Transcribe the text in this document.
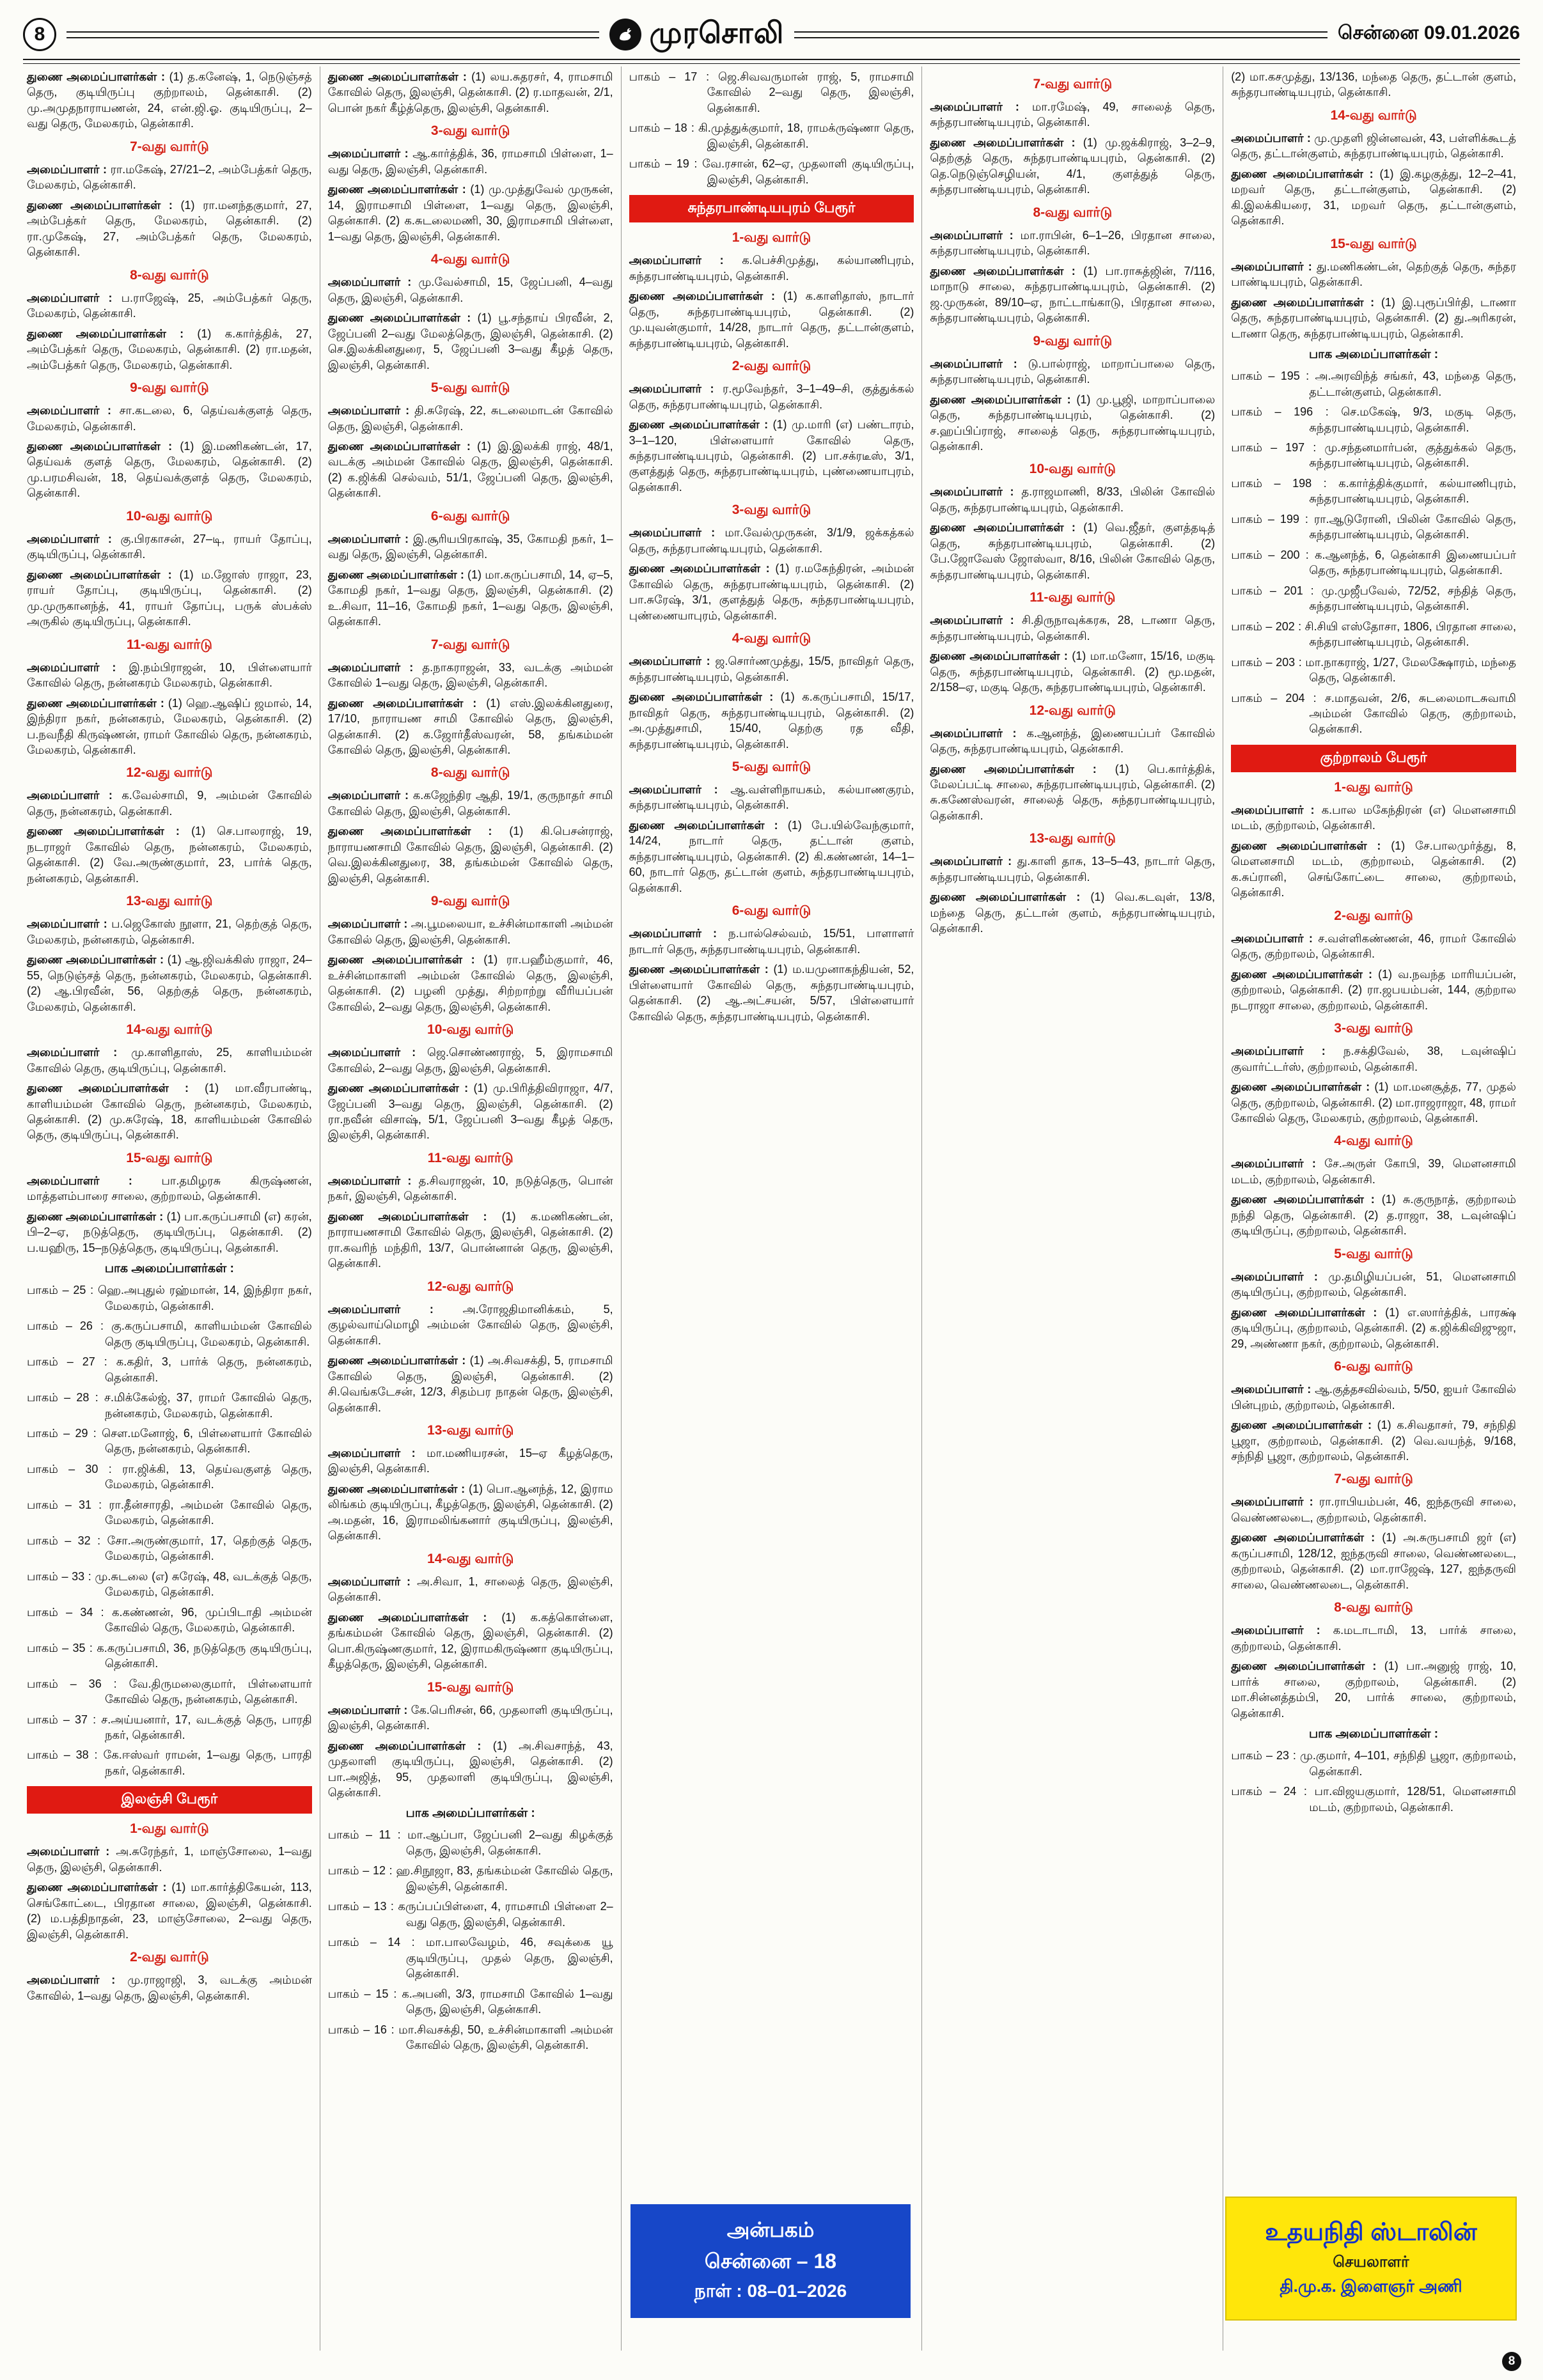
8	முரசொலி	சென்னை 09.01.2026

துணை அமைப்பாளர்கள் : (1) த.கனேஷ், 1, நெடுஞ்சத் தெரு, குடியிருப்பு குற்றாலம், தென்காசி. (2) மு.அமுதநாராயணன், 24, என்.ஜி.ஓ. குடியிருப்பு, 2–வது தெரு, மேலகரம், தென்காசி.

7-வது வார்டு

அமைப்பாளர் : ரா.மகேஷ், 27/21–2, அம்பேத்கர் தெரு, மேலகரம், தென்காசி.

துணை அமைப்பாளர்கள் : (1) ரா.மனந்தகுமார், 27, அம்பேத்கர் தெரு, மேலகரம், தென்காசி. (2) ரா.முகேஷ், 27, அம்பேத்கர் தெரு, மேலகரம், தென்காசி.

8-வது வார்டு

அமைப்பாளர் : ப.ராஜேஷ், 25, அம்பேத்கர் தெரு, மேலகரம், தென்காசி.

துணை அமைப்பாளர்கள் : (1) க.கார்த்திக், 27, அம்பேத்கர் தெரு, மேலகரம், தென்காசி. (2) ரா.மதன், அம்பேத்கர் தெரு, மேலகரம், தென்காசி.

9-வது வார்டு

அமைப்பாளர் : சா.கடலை, 6, தெய்வக்குளத் தெரு, மேலகரம், தென்காசி.

துணை அமைப்பாளர்கள் : (1) இ.மணிகண்டன், 17, தெய்வக் குளத் தெரு, மேலகரம், தென்காசி. (2) மு.பரமசிவன், 18, தெய்வக்குளத் தெரு, மேலகரம், தென்காசி.

10-வது வார்டு

அமைப்பாளர் : கு.பிரகாசன், 27–டி, ராயர் தோப்பு, குடியிருப்பு, தென்காசி.

துணை அமைப்பாளர்கள் : (1) ம.ஜோஸ் ராஜா, 23, ராயர் தோப்பு, குடியிருப்பு, தென்காசி. (2) மு.முருகானந்த், 41, ராயர் தோப்பு, பருக் ஸ்பக்ஸ் அருகில் குடியிருப்பு, தென்காசி.

11-வது வார்டு

அமைப்பாளர் : இ.நம்பிராஜன், 10, பிள்ளையார் கோவில் தெரு, நன்னகரம் மேலகரம், தென்காசி.

துணை அமைப்பாளர்கள் : (1) ஹெ.ஆஷிப் ஜமால், 14, இந்திரா நகர், நன்னகரம், மேலகரம், தென்காசி. (2) ப.நவநீதி கிருஷ்ணன், ராமர் கோவில் தெரு, நன்னகரம், மேலகரம், தென்காசி.

12-வது வார்டு

அமைப்பாளர் : க.வேல்சாமி, 9, அம்மன் கோவில் தெரு, நன்னகரம், தென்காசி.

துணை அமைப்பாளர்கள் : (1) செ.பாலராஜ், 19, நடராஜர் கோவில் தெரு, நன்னகரம், மேலகரம், தென்காசி. (2) வே.அருண்குமார், 23, பார்க் தெரு, நன்னகரம், தென்காசி.

13-வது வார்டு

அமைப்பாளர் : ப.ஜெகோஸ் நூளா, 21, தெற்குத் தெரு, மேலகரம், நன்னகரம், தென்காசி.

துணை அமைப்பாளர்கள் : (1) ஆ.ஜிவக்கிஸ் ராஜா, 24–55, நெடுஞ்சத் தெரு, நன்னகரம், மேலகரம், தென்காசி. (2) ஆ.பிரவீன், 56, தெற்குத் தெரு, நன்னகரம், மேலகரம், தென்காசி.

14-வது வார்டு

அமைப்பாளர் : மு.காளிதாஸ், 25, காளியம்மன் கோவில் தெரு, குடியிருப்பு, தென்காசி.

துணை அமைப்பாளர்கள் : (1) மா.வீரபாண்டி, காளியம்மன் கோவில் தெரு, நன்னகரம், மேலகரம், தென்காசி. (2) மு.சுரேஷ், 18, காளியம்மன் கோவில் தெரு, குடியிருப்பு, தென்காசி.

15-வது வார்டு

அமைப்பாளர் : பா.தமிழரசு கிருஷ்ணன், மாத்தளம்பாரை சாலை, குற்றாலம், தென்காசி.

துணை அமைப்பாளர்கள் : (1) பா.கருப்பசாமி (எ) கரன், பி–2–ஏ, நடுத்தெரு, குடியிருப்பு, தென்காசி. (2) ப.யஹிரு, 15–நடுத்தெரு, குடியிருப்பு, தென்காசி.

பாக அமைப்பாளர்கள் :

பாகம் – 25 : ஹெ.அபுதுல் ரஹ்மான், 14, இந்திரா நகர், மேலகரம், தென்காசி.

பாகம் – 26 : கு.கருப்பசாமி, காளியம்மன் கோவில் தெரு குடியிருப்பு, மேலகரம், தென்காசி.

பாகம் – 27 : க.கதிர், 3, பார்க் தெரு, நன்னகரம், தென்காசி.

பாகம் – 28 : ச.மிக்கேல்ஜ், 37, ராமர் கோவில் தெரு, நன்னகரம், மேலகரம், தென்காசி.

பாகம் – 29 : சௌ.மனோஜ், 6, பிள்ளையார் கோவில் தெரு, நன்னகரம், தென்காசி.

பாகம் – 30 : ரா.ஜிக்கி, 13, தெய்வகுளத் தெரு, மேலகரம், தென்காசி.

பாகம் – 31 : ரா.தீன்சாரதி, அம்மன் கோவில் தெரு, மேலகரம், தென்காசி.

பாகம் – 32 : சோ.அருண்குமார், 17, தெற்குத் தெரு, மேலகரம், தென்காசி.

பாகம் – 33 : மு.சுடலை (எ) சுரேஷ், 48, வடக்குத் தெரு, மேலகரம், தென்காசி.

பாகம் – 34 : க.கண்ணன், 96, முப்பிடாதி அம்மன் கோவில் தெரு, மேலகரம், தென்காசி.

பாகம் – 35 : க.கருப்பசாமி, 36, நடுத்தெரு குடியிருப்பு, தென்காசி.

பாகம் – 36 : வே.திருமலைகுமார், பிள்ளையார் கோவில் தெரு, நன்னகரம், தென்காசி.

பாகம் – 37 : ச.அய்யனார், 17, வடக்குத் தெரு, பாரதி நகர், தென்காசி.

பாகம் – 38 : கே.ஈஸ்வர் ராமன், 1–வது தெரு, பாரதி நகர், தென்காசி.

இலஞ்சி பேரூர்
1-வது வார்டு

அமைப்பாளர் : அ.சுரேந்தர், 1, மாஞ்சோலை, 1–வது தெரு, இலஞ்சி, தென்காசி.

துணை அமைப்பாளர்கள் : (1) மா.கார்த்திகேயன், 113, செங்கோட்டை, பிரதான சாலை, இலஞ்சி, தென்காசி. (2) ம.பத்திநாதன், 23, மாஞ்சோலை, 2–வது தெரு, இலஞ்சி, தென்காசி.

2-வது வார்டு

அமைப்பாளர் : மு.ராஜாஜி, 3, வடக்கு அம்மன் கோவில், 1–வது தெரு, இலஞ்சி, தென்காசி.

துணை அமைப்பாளர்கள் : (1) லய.சுதரசர், 4, ராமசாமி கோவில் தெரு, இலஞ்சி, தென்காசி. (2) ர.மாதவன், 2/1, பொன் நகர் கீழ்த்தெரு, இலஞ்சி, தென்காசி.

3-வது வார்டு

அமைப்பாளர் : ஆ.கார்த்திக், 36, ராமசாமி பிள்ளை, 1–வது தெரு, இலஞ்சி, தென்காசி.

துணை அமைப்பாளர்கள் : (1) மு.முத்துவேல் முருகன், 14, இராமசாமி பிள்ளை, 1–வது தெரு, இலஞ்சி, தென்காசி. (2) க.சுடலைமணி, 30, இராமசாமி பிள்ளை, 1–வது தெரு, இலஞ்சி, தென்காசி.

4-வது வார்டு

அமைப்பாளர் : மு.வேல்சாமி, 15, ஜேப்பனி, 4–வது தெரு, இலஞ்சி, தென்காசி.

துணை அமைப்பாளர்கள் : (1) பூ.சந்தாய் பிரவீன், 2, ஜேப்பனி 2–வது மேலத்தெரு, இலஞ்சி, தென்காசி. (2) செ.இலக்கினதுரை, 5, ஜேப்பனி 3–வது கீழத் தெரு, இலஞ்சி, தென்காசி.

5-வது வார்டு

அமைப்பாளர் : தி.சுரேஷ், 22, சுடலைமாடன் கோவில் தெரு, இலஞ்சி, தென்காசி.

துணை அமைப்பாளர்கள் : (1) இ.இலக்கி ராஜ், 48/1, வடக்கு அம்மன் கோவில் தெரு, இலஞ்சி, தென்காசி. (2) க.ஜிக்கி செல்வம், 51/1, ஜேப்பனி தெரு, இலஞ்சி, தென்காசி.

6-வது வார்டு

அமைப்பாளர் : இ.சூரியபிரகாஷ், 35, கோமதி நகர், 1–வது தெரு, இலஞ்சி, தென்காசி.

துணை அமைப்பாளர்கள் : (1) மா.கருப்பசாமி, 14, ஏ–5, கோமதி நகர், 1–வது தெரு, இலஞ்சி, தென்காசி. (2) உ.சிவா, 11–16, கோமதி நகர், 1–வது தெரு, இலஞ்சி, தென்காசி.

7-வது வார்டு

அமைப்பாளர் : த.நாகராஜன், 33, வடக்கு அம்மன் கோவில் 1–வது தெரு, இலஞ்சி, தென்காசி.

துணை அமைப்பாளர்கள் : (1) எஸ்.இலக்கினதுரை, 17/10, நாராயண சாமி கோவில் தெரு, இலஞ்சி, தென்காசி. (2) க.ஜோர்தீஸ்வரன், 58, தங்கம்மன் கோவில் தெரு, இலஞ்சி, தென்காசி.

8-வது வார்டு

அமைப்பாளர் : க.கஜேந்திர ஆதி, 19/1, குருநாதர் சாமி கோவில் தெரு, இலஞ்சி, தென்காசி.

துணை அமைப்பாளர்கள் : (1) கி.பெசன்ராஜ், நாராயணசாமி கோவில் தெரு, இலஞ்சி, தென்காசி. (2) வெ.இலக்கினதுரை, 38, தங்கம்மன் கோவில் தெரு, இலஞ்சி, தென்காசி.

9-வது வார்டு

அமைப்பாளர் : அ.பூமலையா, உச்சின்மாகாளி அம்மன் கோவில் தெரு, இலஞ்சி, தென்காசி.

துணை அமைப்பாளர்கள் : (1) ரா.பஹீம்குமார், 46, உச்சின்மாகாளி அம்மன் கோவில் தெரு, இலஞ்சி, தென்காசி. (2) பழனி முத்து, சிற்றாற்று வீரியப்பன் கோவில், 2–வது தெரு, இலஞ்சி, தென்காசி.

10-வது வார்டு

அமைப்பாளர் : ஜெ.சொண்ணராஜ், 5, இராமசாமி கோவில், 2–வது தெரு, இலஞ்சி, தென்காசி.

துணை அமைப்பாளர்கள் : (1) மு.பிரித்திவிராஜா, 4/7, ஜேப்பனி 3–வது தெரு, இலஞ்சி, தென்காசி. (2) ரா.நவீன் விசாஷ், 5/1, ஜேப்பனி 3–வது கீழத் தெரு, இலஞ்சி, தென்காசி.

11-வது வார்டு

அமைப்பாளர் : த.சிவராஜன், 10, நடுத்தெரு, பொன் நகர், இலஞ்சி, தென்காசி.

துணை அமைப்பாளர்கள் : (1) க.மணிகண்டன், நாராயணசாமி கோவில் தெரு, இலஞ்சி, தென்காசி. (2) ரா.சுவரிந் மந்திரி, 13/7, பொன்னான் தெரு, இலஞ்சி, தென்காசி.

12-வது வார்டு

அமைப்பாளர் : அ.ரோஜதிமானிக்கம், 5, குழல்வாய்மொழி அம்மன் கோவில் தெரு, இலஞ்சி, தென்காசி.

துணை அமைப்பாளர்கள் : (1) அ.சிவசக்தி, 5, ராமசாமி கோவில் தெரு, இலஞ்சி, தென்காசி. (2) சி.வெங்கடேசன், 12/3, சிதம்பர நாதன் தெரு, இலஞ்சி, தென்காசி.

13-வது வார்டு

அமைப்பாளர் : மா.மணியரசன், 15–ஏ கீழத்தெரு, இலஞ்சி, தென்காசி.

துணை அமைப்பாளர்கள் : (1) பொ.ஆனந்த், 12, இராம லிங்கம் குடியிருப்பு, கீழத்தெரு, இலஞ்சி, தென்காசி. (2) அ.மதன், 16, இராமலிங்கனார் குடியிருப்பு, இலஞ்சி, தென்காசி.

14-வது வார்டு

அமைப்பாளர் : அ.சிவா, 1, சாலைத் தெரு, இலஞ்சி, தென்காசி.

துணை அமைப்பாளர்கள் : (1) க.கத்கொள்ளை, தங்கம்மன் கோவில் தெரு, இலஞ்சி, தென்காசி. (2) பொ.கிருஷ்ணகுமார், 12, இராமகிருஷ்ணா குடியிருப்பு, கீழத்தெரு, இலஞ்சி, தென்காசி.

15-வது வார்டு

அமைப்பாளர் : கே.பெரிசன், 66, முதலாளி குடியிருப்பு, இலஞ்சி, தென்காசி.

துணை அமைப்பாளர்கள் : (1) அ.சிவசாந்த், 43, முதலாளி குடியிருப்பு, இலஞ்சி, தென்காசி. (2) பா.அஜித், 95, முதலாளி குடியிருப்பு, இலஞ்சி, தென்காசி.

பாக அமைப்பாளர்கள் :

பாகம் – 11 : மா.ஆப்பா, ஜேப்பனி 2–வது கிழக்குத் தெரு, இலஞ்சி, தென்காசி.

பாகம் – 12 : ஹ.சிநூஜா, 83, தங்கம்மன் கோவில் தெரு, இலஞ்சி, தென்காசி.

பாகம் – 13 : கருப்பப்பிள்ளை, 4, ராமசாமி பிள்ளை 2–வது தெரு, இலஞ்சி, தென்காசி.

பாகம் – 14 : மா.பாலவேழம், 46, சவுக்கை யூ குடியிருப்பு, முதல் தெரு, இலஞ்சி, தென்காசி.

பாகம் – 15 : க.அபனி, 3/3, ராமசாமி கோவில் 1–வது தெரு, இலஞ்சி, தென்காசி.

பாகம் – 16 : மா.சிவசக்தி, 50, உச்சின்மாகாளி அம்மன் கோவில் தெரு, இலஞ்சி, தென்காசி.

பாகம் – 17 : ஜெ.சிவவருமான் ராஜ், 5, ராமசாமி கோவில் 2–வது தெரு, இலஞ்சி, தென்காசி.

பாகம் – 18 : கி.முத்துக்குமார், 18, ராமக்ருஷ்ணா தெரு, இலஞ்சி, தென்காசி.

பாகம் – 19 : வே.ரசான், 62–ஏ, முதலாளி குடியிருப்பு, இலஞ்சி, தென்காசி.

சுந்தரபாண்டியபுரம் பேரூர்
1-வது வார்டு

அமைப்பாளர் : க.பெச்சிமுத்து, கல்யாணிபுரம், சுந்தரபாண்டியபுரம், தென்காசி.

துணை அமைப்பாளர்கள் : (1) க.காளிதாஸ், நாடார் தெரு, சுந்தரபாண்டியபுரம், தென்காசி. (2) மு.யுவன்குமார், 14/28, நாடார் தெரு, தட்டான்குளம், சுந்தரபாண்டியபுரம், தென்காசி.

2-வது வார்டு

அமைப்பாளர் : ர.மூவேந்தர், 3–1–49–சி, குத்துக்கல் தெரு, சுந்தரபாண்டியபுரம், தென்காசி.

துணை அமைப்பாளர்கள் : (1) மு.மாரி (எ) பண்டாரம், 3–1–120, பிள்ளையார் கோவில் தெரு, சுந்தரபாண்டியபுரம், தென்காசி. (2) பா.சக்ரடீஸ், 3/1, குளத்துத் தெரு, சுந்தரபாண்டியபுரம், புண்ணையாபுரம், தென்காசி.

3-வது வார்டு

அமைப்பாளர் : மா.வேல்முருகன், 3/1/9, ஜக்கத்கல் தெரு, சுந்தரபாண்டியபுரம், தென்காசி.

துணை அமைப்பாளர்கள் : (1) ர.மகேந்திரன், அம்மன் கோவில் தெரு, சுந்தரபாண்டியபுரம், தென்காசி. (2) பா.சுரேஷ், 3/1, குளத்துத் தெரு, சுந்தரபாண்டியபுரம், புண்ணையாபுரம், தென்காசி.

4-வது வார்டு

அமைப்பாளர் : ஜ.சொர்ணமுத்து, 15/5, நாவிதர் தெரு, சுந்தரபாண்டியபுரம், தென்காசி.

துணை அமைப்பாளர்கள் : (1) க.கருப்பசாமி, 15/17, நாவிதர் தெரு, சுந்தரபாண்டியபுரம், தென்காசி. (2) அ.முத்துசாமி, 15/40, தெற்கு ரத வீதி, சுந்தரபாண்டியபுரம், தென்காசி.

5-வது வார்டு

அமைப்பாளர் : ஆ.வள்ளிநாயகம், கல்யாணகுரம், சுந்தரபாண்டியபுரம், தென்காசி.

துணை அமைப்பாளர்கள் : (1) பே.யில்வேந்குமார், 14/24, நாடார் தெரு, தட்டான் குளம், சுந்தரபாண்டியபுரம், தென்காசி. (2) கி.கண்ணன், 14–1–60, நாடார் தெரு, தட்டான் குளம், சுந்தரபாண்டியபுரம், தென்காசி.

6-வது வார்டு

அமைப்பாளர் : ந.பால்செல்வம், 15/51, பாளாளர் நாடார் தெரு, சுந்தரபாண்டியபுரம், தென்காசி.

துணை அமைப்பாளர்கள் : (1) ம.யமுனாகந்தியன், 52, பிள்ளையார் கோவில் தெரு, சுந்தரபாண்டியபுரம், தென்காசி. (2) ஆ.அட்சயன், 5/57, பிள்ளையார் கோவில் தெரு, சுந்தரபாண்டியபுரம், தென்காசி.

7-வது வார்டு

அமைப்பாளர் : மா.ரமேஷ், 49, சாலைத் தெரு, சுந்தரபாண்டியபுரம், தென்காசி.

துணை அமைப்பாளர்கள் : (1) மு.ஜக்கிராஜ், 3–2–9, தெற்குத் தெரு, சுந்தரபாண்டியபுரம், தென்காசி. (2) தெ.நெடுஞ்செழியன், 4/1, குளத்துத் தெரு, சுந்தரபாண்டியபுரம், தென்காசி.

8-வது வார்டு

அமைப்பாளர் : மா.ராபின், 6–1–26, பிரதான சாலை, சுந்தரபாண்டியபுரம், தென்காசி.

துணை அமைப்பாளர்கள் : (1) பா.ராசுத்ஜின், 7/116, மாநாடு சாலை, சுந்தரபாண்டியபுரம், தென்காசி. (2) ஜ.முருகன், 89/10–ஏ, நாட்டாங்காடு, பிரதான சாலை, சுந்தரபாண்டியபுரம், தென்காசி.

9-வது வார்டு

அமைப்பாளர் : டு.பால்ராஜ், மாறாப்பாலை தெரு, சுந்தரபாண்டியபுரம், தென்காசி.

துணை அமைப்பாளர்கள் : (1) மு.பூஜி, மாறாப்பாலை தெரு, சுந்தரபாண்டியபுரம், தென்காசி. (2) ச.ஹப்பிப்ராஜ், சாலைத் தெரு, சுந்தரபாண்டியபுரம், தென்காசி.

10-வது வார்டு

அமைப்பாளர் : த.ராஜமாணி, 8/33, பிலின் கோவில் தெரு, சுந்தரபாண்டியபுரம், தென்காசி.

துணை அமைப்பாளர்கள் : (1) வெ.ஜீதர், குளத்தடித் தெரு, சுந்தரபாண்டியபுரம், தென்காசி. (2) பே.ஜோவேஸ் ஜோஸ்வா, 8/16, பிலின் கோவில் தெரு, சுந்தரபாண்டியபுரம், தென்காசி.

11-வது வார்டு

அமைப்பாளர் : சி.திருநாவுக்கரசு, 28, டாணா தெரு, சுந்தரபாண்டியபுரம், தென்காசி.

துணை அமைப்பாளர்கள் : (1) மா.மனோ, 15/16, மகுடி தெரு, சுந்தரபாண்டியபுரம், தென்காசி. (2) மூ.மதன், 2/158–ஏ, மகுடி தெரு, சுந்தரபாண்டியபுரம், தென்காசி.

12-வது வார்டு

அமைப்பாளர் : க.ஆனந்த், இணையப்பர் கோவில் தெரு, சுந்தரபாண்டியபுரம், தென்காசி.

துணை அமைப்பாளர்கள் : (1) பெ.கார்த்திக், மேலப்பட்டி சாலை, சுந்தரபாண்டியபுரம், தென்காசி. (2) சு.கணேஸ்வரன், சாலைத் தெரு, சுந்தரபாண்டியபுரம், தென்காசி.

13-வது வார்டு

அமைப்பாளர் : து.காளி தாசு, 13–5–43, நாடார் தெரு, சுந்தரபாண்டியபுரம், தென்காசி.

துணை அமைப்பாளர்கள் : (1) வெ.கடவுள், 13/8, மந்தை தெரு, தட்டான் குளம், சுந்தரபாண்டியபுரம், தென்காசி.

(2) மா.கசமுத்து, 13/136, மந்தை தெரு, தட்டான் குளம், சுந்தரபாண்டியபுரம், தென்காசி.

14-வது வார்டு

அமைப்பாளர் : மு.முதளி ஜின்னவன், 43, பள்ளிக்கூடத் தெரு, தட்டான்குளம், சுந்தரபாண்டியபுரம், தென்காசி.

துணை அமைப்பாளர்கள் : (1) இ.கழகுத்து, 12–2–41, மறவர் தெரு, தட்டான்குளம், தென்காசி. (2) கி.இலக்கியரை, 31, மறவர் தெரு, தட்டான்குளம், தென்காசி.

15-வது வார்டு

அமைப்பாளர் : து.மணிகண்டன், தெற்குத் தெரு, சுந்தர பாண்டியபுரம், தென்காசி.

துணை அமைப்பாளர்கள் : (1) இ.புரூப்பிர்தி, டாணா தெரு, சுந்தரபாண்டியபுரம், தென்காசி. (2) து.அரிகரன், டாணா தெரு, சுந்தரபாண்டியபுரம், தென்காசி.

பாக அமைப்பாளர்கள் :

பாகம் – 195 : அ.அரவிந்த் சங்கர், 43, மந்தை தெரு, தட்டான்குளம், தென்காசி.

பாகம் – 196 : செ.மகேஷ், 9/3, மகுடி தெரு, சுந்தரபாண்டியபுரம், தென்காசி.

பாகம் – 197 : மு.சந்தனமார்பன், குத்துக்கல் தெரு, சுந்தரபாண்டியபுரம், தென்காசி.

பாகம் – 198 : க.கார்த்திக்குமார், கல்யாணிபுரம், சுந்தரபாண்டியபுரம், தென்காசி.

பாகம் – 199 : ரா.ஆடுரோனி, பிலின் கோவில் தெரு, சுந்தரபாண்டியபுரம், தென்காசி.

பாகம் – 200 : க.ஆனந்த், 6, தென்காசி இணையப்பர் தெரு, சுந்தரபாண்டியபுரம், தென்காசி.

பாகம் – 201 : மு.முஜீபவேல், 72/52, சந்தித் தெரு, சுந்தரபாண்டியபுரம், தென்காசி.

பாகம் – 202 : சி.சியி எஸ்தோசா, 1806, பிரதான சாலை, சுந்தரபாண்டியபுரம், தென்காசி.

பாகம் – 203 : மா.நாகராஜ், 1/27, மேலக்ஷோரம், மந்தை தெரு, தென்காசி.

பாகம் – 204 : ச.மாதவன், 2/6, சுடலைமாடசுவாமி அம்மன் கோவில் தெரு, குற்றாலம், தென்காசி.

குற்றாலம் பேரூர்
1-வது வார்டு

அமைப்பாளர் : க.பால மகேந்திரன் (எ) மௌனசாமி மடம், குற்றாலம், தென்காசி.

துணை அமைப்பாளர்கள் : (1) சே.பாலமுர்த்து, 8, மௌனசாமி மடம், குற்றாலம், தென்காசி. (2) க.சுப்ரானி, செங்கோட்டை சாலை, குற்றாலம், தென்காசி.

2-வது வார்டு

அமைப்பாளர் : ச.வள்ளிகண்ணன், 46, ராமர் கோவில் தெரு, குற்றாலம், தென்காசி.

துணை அமைப்பாளர்கள் : (1) வ.நவந்த மாரியப்பன், குற்றாலம், தென்காசி. (2) ரா.ஜபயம்பன், 144, குற்றால நடராஜா சாலை, குற்றாலம், தென்காசி.

3-வது வார்டு

அமைப்பாளர் : ந.சக்திவேல், 38, டவுன்ஷிப் குவார்ட்டர்ஸ், குற்றாலம், தென்காசி.

துணை அமைப்பாளர்கள் : (1) மா.மனசூத்த, 77, முதல் தெரு, குற்றாலம், தென்காசி. (2) மா.ராஜராஜா, 48, ராமர் கோவில் தெரு, மேலகரம், குற்றாலம், தென்காசி.

4-வது வார்டு

அமைப்பாளர் : சே.அருள் கோபி, 39, மௌனசாமி மடம், குற்றாலம், தென்காசி.

துணை அமைப்பாளர்கள் : (1) சு.குருநாத், குற்றாலம் நந்தி தெரு, தென்காசி. (2) த.ராஜா, 38, டவுன்ஷிப் குடியிருப்பு, குற்றாலம், தென்காசி.

5-வது வார்டு

அமைப்பாளர் : மு.தமிழியப்பன், 51, மௌனசாமி குடியிருப்பு, குற்றாலம், தென்காசி.

துணை அமைப்பாளர்கள் : (1) எ.ஸார்த்திக், பாரக்ஷ் குடியிருப்பு, குற்றாலம், தென்காசி. (2) க.ஜிக்கிவிஜுஜா, 29, அண்ணா நகர், குற்றாலம், தென்காசி.

6-வது வார்டு

அமைப்பாளர் : ஆ.குத்தசவில்வம், 5/50, ஐயர் கோவில் பின்புறம், குற்றாலம், தென்காசி.

துணை அமைப்பாளர்கள் : (1) க.சிவதாசர், 79, சந்நிதி பூஜா, குற்றாலம், தென்காசி. (2) வெ.வயந்த், 9/168, சந்நிதி பூஜா, குற்றாலம், தென்காசி.

7-வது வார்டு

அமைப்பாளர் : ரா.ராபியம்பன், 46, ஐந்தருவி சாலை, வெண்ணலடை, குற்றாலம், தென்காசி.

துணை அமைப்பாளர்கள் : (1) அ.சுருபசாமி ஜர் (எ) கருப்பசாமி, 128/12, ஐந்தருவி சாலை, வெண்ணலடை, குற்றாலம், தென்காசி. (2) மா.ராஜேஷ், 127, ஐந்தருவி சாலை, வெண்ணலடை, தென்காசி.

8-வது வார்டு

அமைப்பாளர் : க.மடாடாமி, 13, பார்க் சாலை, குற்றாலம், தென்காசி.

துணை அமைப்பாளர்கள் : (1) பா.அனுஜ் ராஜ், 10, பார்க் சாலை, குற்றாலம், தென்காசி. (2) மா.சின்னத்தம்பி, 20, பார்க் சாலை, குற்றாலம், தென்காசி.

பாக அமைப்பாளர்கள் :

பாகம் – 23 : மு.குமார், 4–101, சந்நிதி பூஜா, குற்றாலம், தென்காசி.

பாகம் – 24 : பா.விஜயகுமார், 128/51, மௌனசாமி மடம், குற்றாலம், தென்காசி.

அன்பகம்
சென்னை – 18
நாள் : 08–01–2026
உதயநிதி ஸ்டாலின்
செயலாளர்
தி.மு.க. இளைஞர் அணி
8
